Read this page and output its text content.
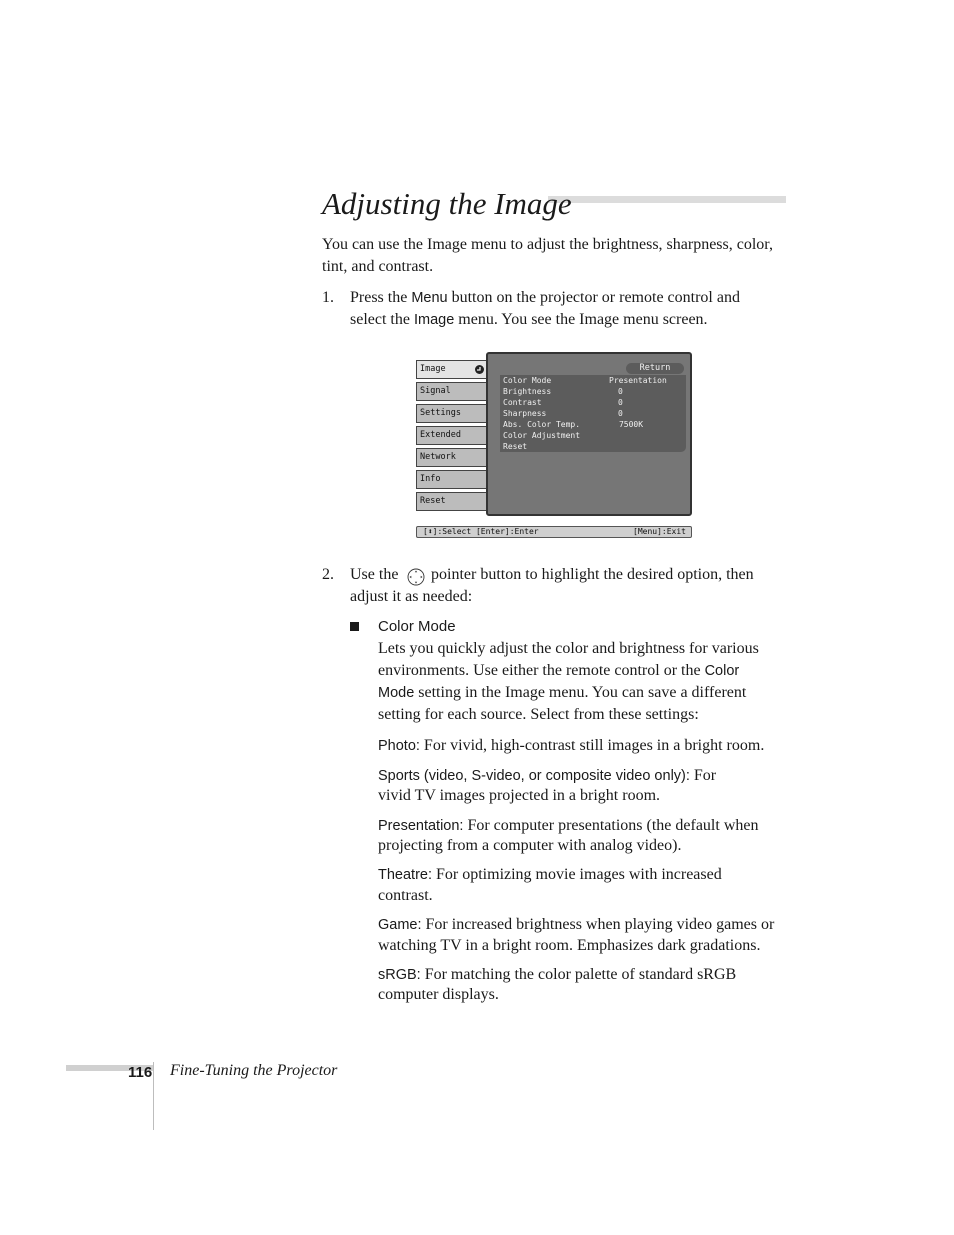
Adjusting the Image
You can use the Image menu to adjust the brightness, sharpness, color, tint, and contrast.
1. Press the Menu button on the projector or remote control and
select the Image menu. You see the Image menu screen.
Image
Signal
Settings
Extended
Network
Info
Reset
Return
Color Mode	Presentation
Brightness	0
Contrast	0
Sharpness	0
Abs. Color Temp.	7500K
Color Adjustment
Reset
[⬍]:Select [Enter]:Enter	[Menu]:Exit
2. Use the pointer button to highlight the desired option, then
adjust it as needed:
Color Mode
Lets you quickly adjust the color and brightness for various
environments. Use either the remote control or the Color
Mode setting in the Image menu. You can save a different
setting for each source. Select from these settings:
Photo: For vivid, high-contrast still images in a bright room.
Sports (video, S-video, or composite video only): For
vivid TV images projected in a bright room.
Presentation: For computer presentations (the default when
projecting from a computer with analog video).
Theatre: For optimizing movie images with increased
contrast.
Game: For increased brightness when playing video games or
watching TV in a bright room. Emphasizes dark gradations.
sRGB: For matching the color palette of standard sRGB
computer displays.
116 Fine-Tuning the Projector
